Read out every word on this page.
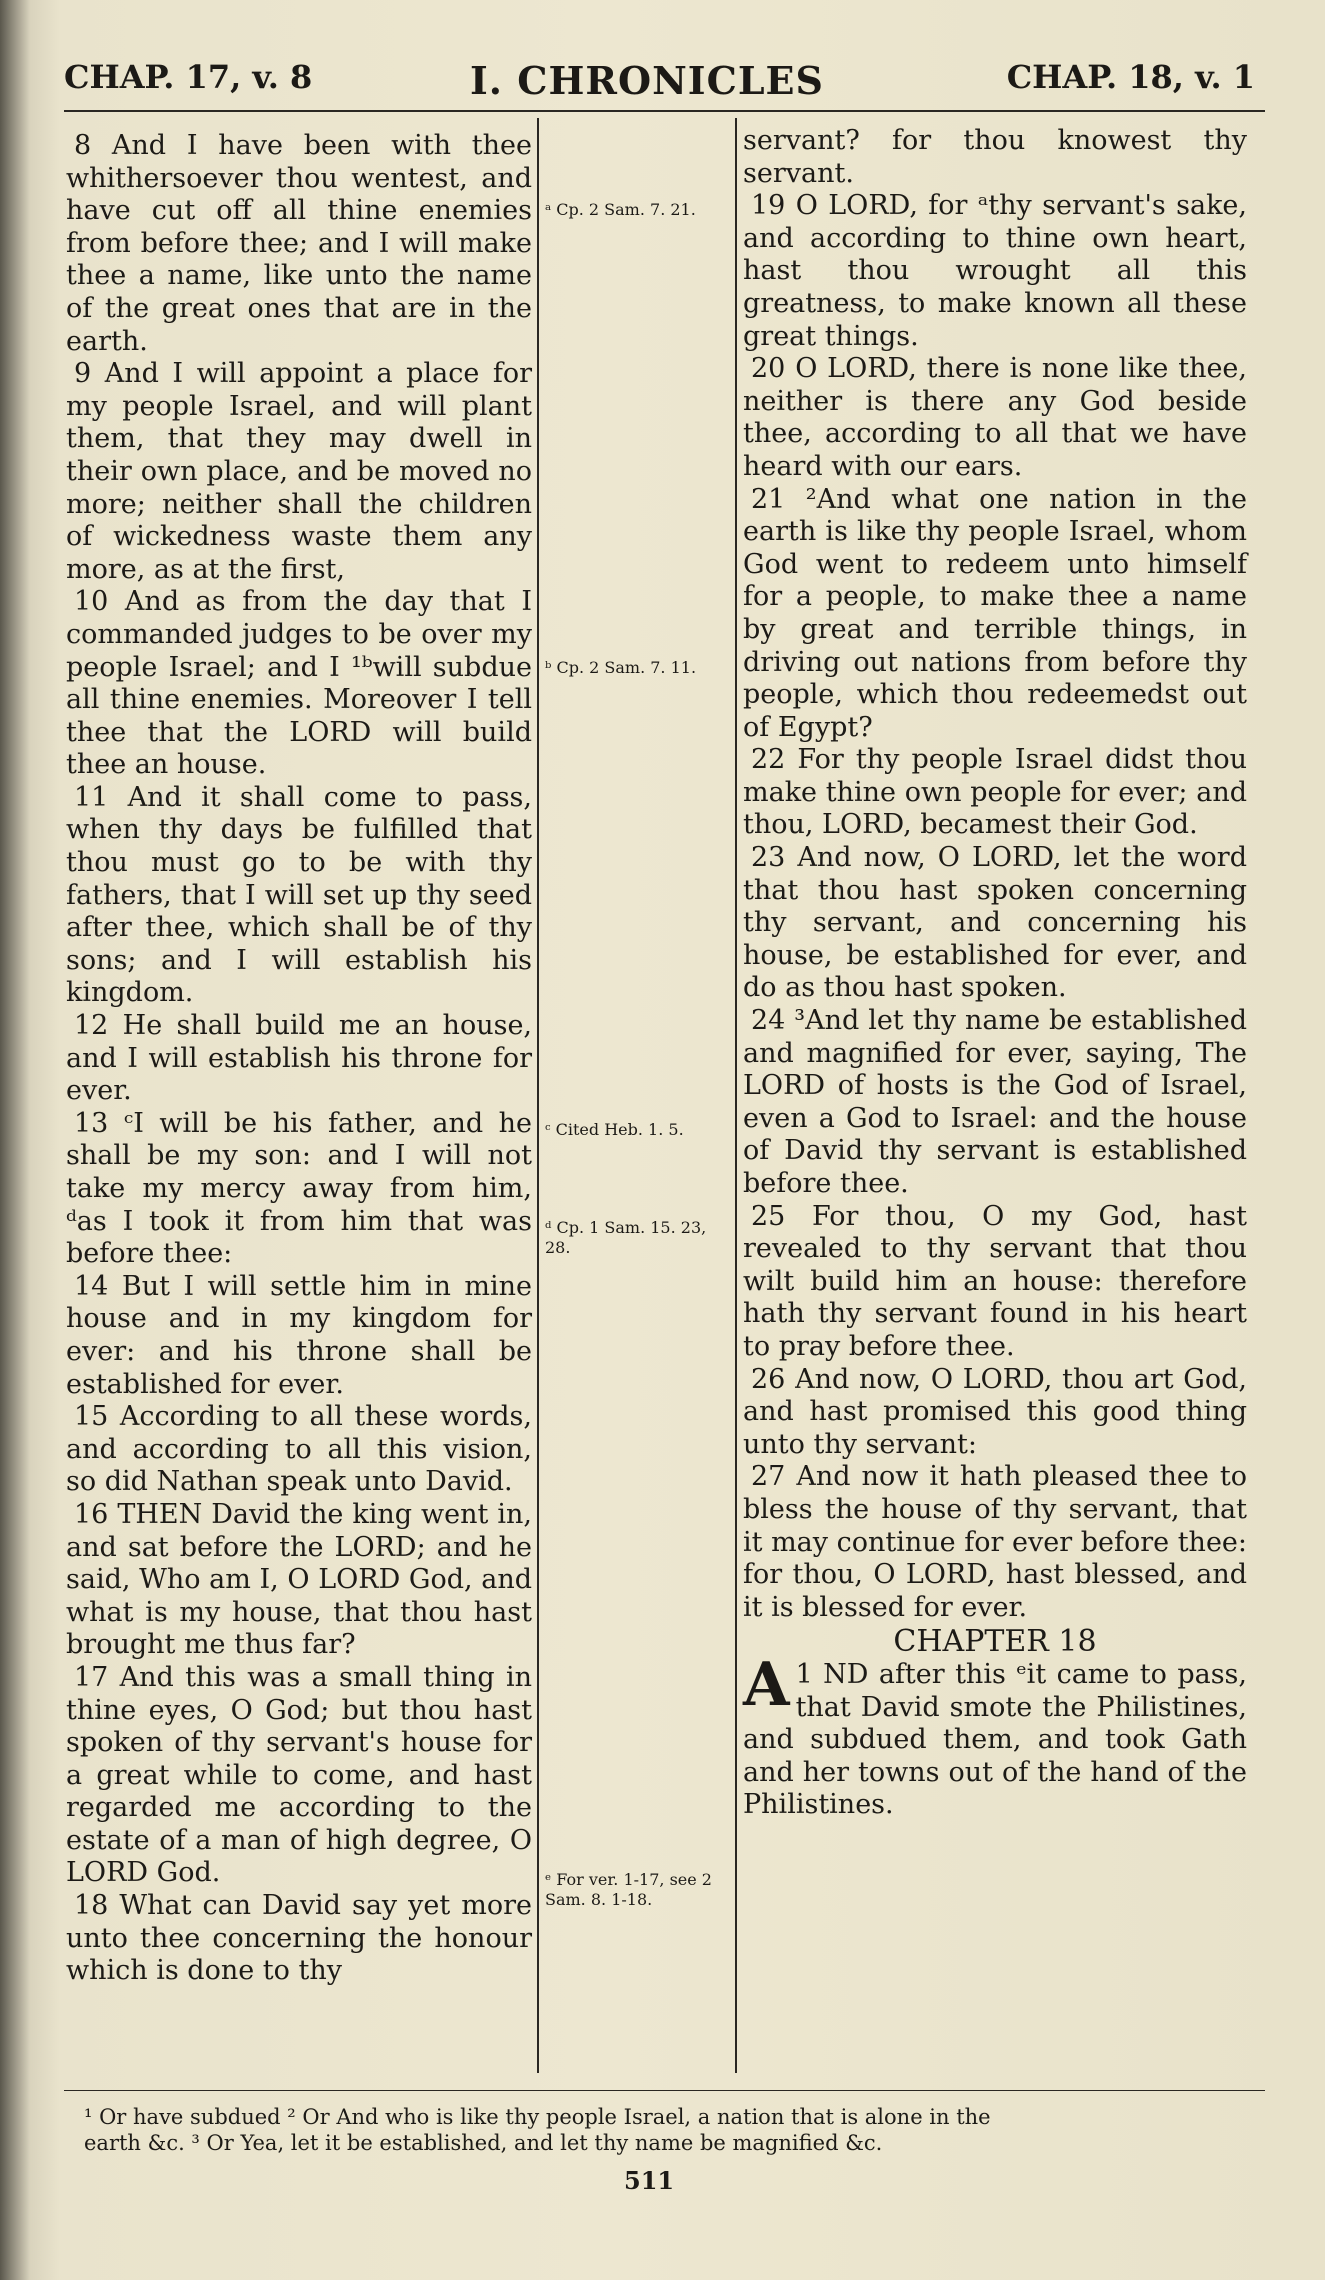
CHAP. 17, v. 8	I. CHRONICLES	CHAP. 18, v. 1

8 And I have been with thee whithersoever thou wentest, and have cut off all thine enemies from before thee; and I will make thee a name, like unto the name of the great ones that are in the earth.

9 And I will appoint a place for my people Israel, and will plant them, that they may dwell in their own place, and be moved no more; neither shall the children of wickedness waste them any more, as at the first,

10 And as from the day that I commanded judges to be over my people Israel; and I ¹ᵇwill subdue all thine enemies. Moreover I tell thee that the LORD will build thee an house.

11 And it shall come to pass, when thy days be fulfilled that thou must go to be with thy fathers, that I will set up thy seed after thee, which shall be of thy sons; and I will establish his kingdom.

12 He shall build me an house, and I will establish his throne for ever.

13 ᶜI will be his father, and he shall be my son: and I will not take my mercy away from him, ᵈas I took it from him that was before thee:

14 But I will settle him in mine house and in my kingdom for ever: and his throne shall be established for ever.

15 According to all these words, and according to all this vision, so did Nathan speak unto David.

16 THEN David the king went in, and sat before the LORD; and he said, Who am I, O LORD God, and what is my house, that thou hast brought me thus far?

17 And this was a small thing in thine eyes, O God; but thou hast spoken of thy servant's house for a great while to come, and hast regarded me according to the estate of a man of high degree, O LORD God.

18 What can David say yet more unto thee concerning the honour which is done to thy

ᵃ Cp. 2 Sam. 7. 21.
ᵇ Cp. 2 Sam. 7. 11.
ᶜ Cited Heb. 1. 5.
ᵈ Cp. 1 Sam. 15. 23, 28.
ᵉ For ver. 1-17, see 2 Sam. 8. 1-18.

servant? for thou knowest thy servant.

19 O LORD, for ᵃthy servant's sake, and according to thine own heart, hast thou wrought all this greatness, to make known all these great things.

20 O LORD, there is none like thee, neither is there any God beside thee, according to all that we have heard with our ears.

21 ²And what one nation in the earth is like thy people Israel, whom God went to redeem unto himself for a people, to make thee a name by great and terrible things, in driving out nations from before thy people, which thou redeemedst out of Egypt?

22 For thy people Israel didst thou make thine own people for ever; and thou, LORD, becamest their God.

23 And now, O LORD, let the word that thou hast spoken concerning thy servant, and concerning his house, be established for ever, and do as thou hast spoken.

24 ³And let thy name be established and magnified for ever, saying, The LORD of hosts is the God of Israel, even a God to Israel: and the house of David thy servant is established before thee.

25 For thou, O my God, hast revealed to thy servant that thou wilt build him an house: therefore hath thy servant found in his heart to pray before thee.

26 And now, O LORD, thou art God, and hast promised this good thing unto thy servant:

27 And now it hath pleased thee to bless the house of thy servant, that it may continue for ever before thee: for thou, O LORD, hast blessed, and it is blessed for ever.

CHAPTER 18

A 1 ND after this ᵉit came to pass, that David smote the Philistines, and subdued them, and took Gath and her towns out of the hand of the Philistines.

¹ Or have subdued ² Or And who is like thy people Israel, a nation that is alone in the

earth &c. ³ Or Yea, let it be established, and let thy name be magnified &c.

511
